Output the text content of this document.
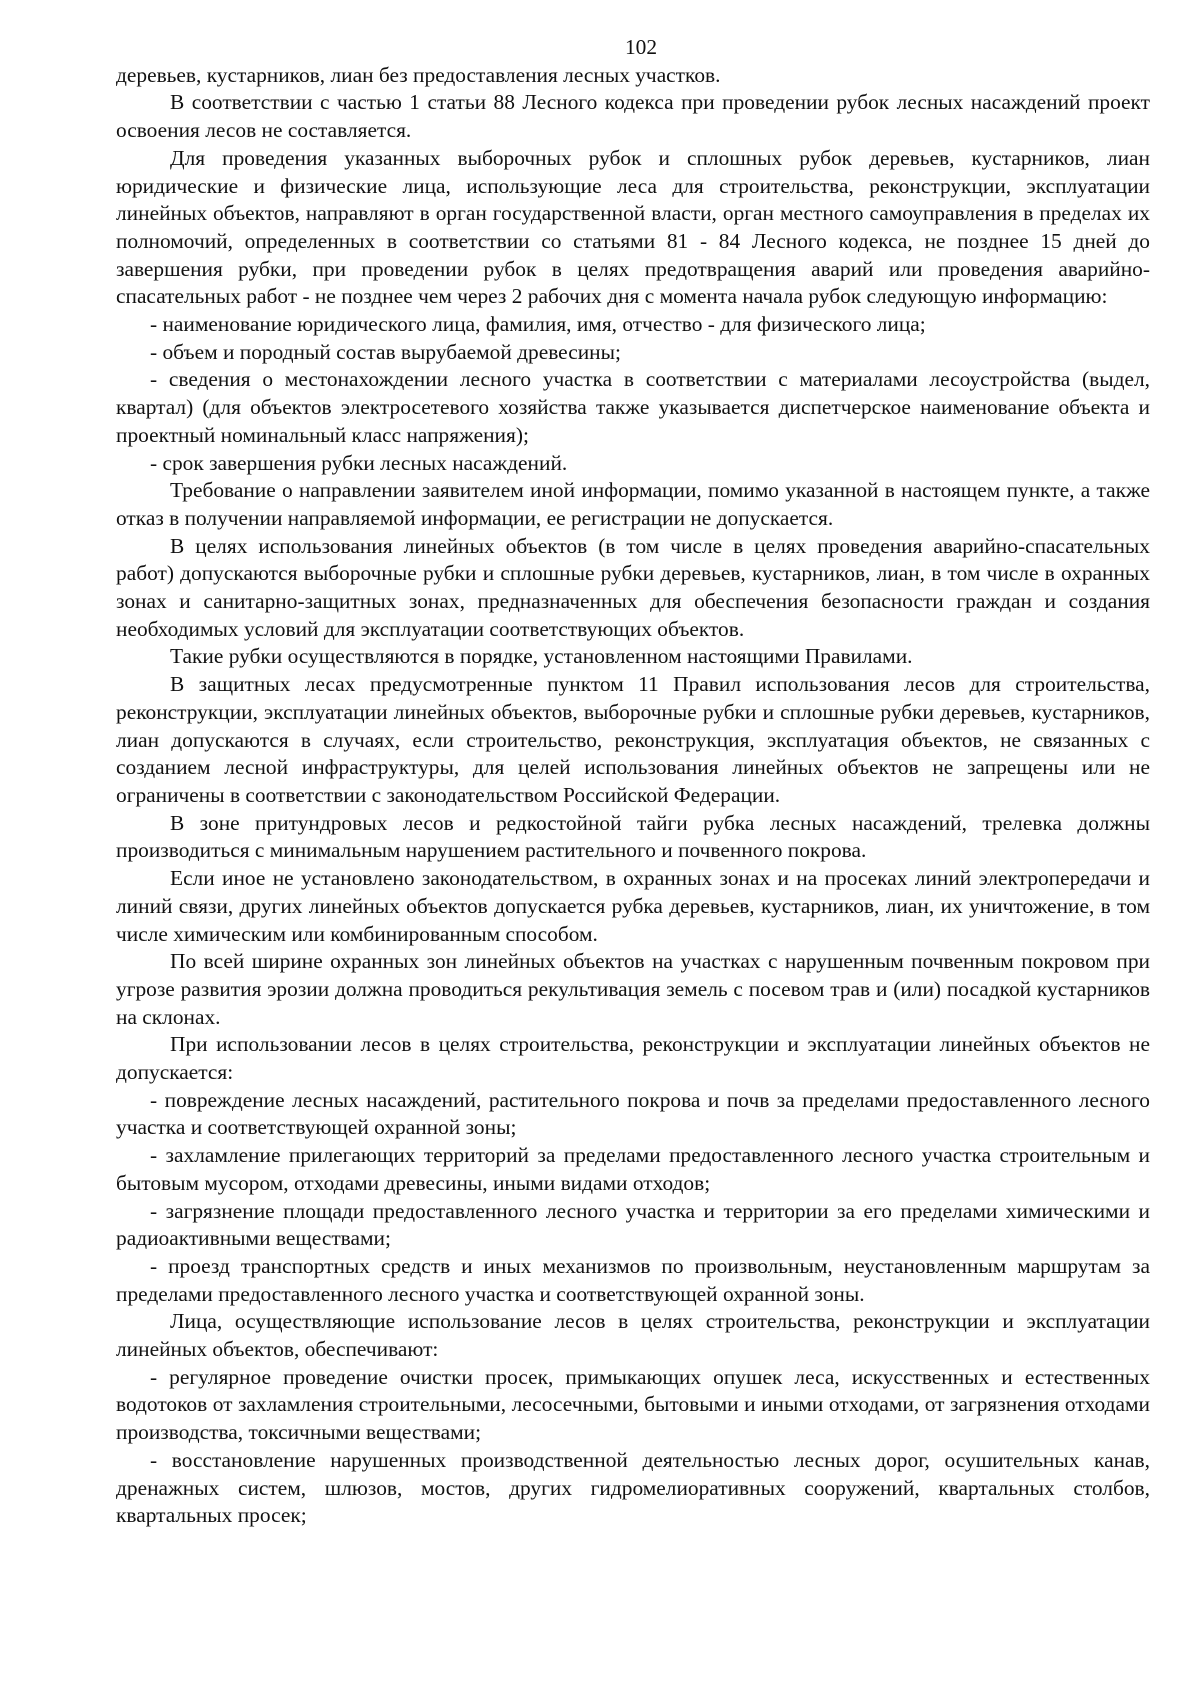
102

деревьев, кустарников, лиан без предоставления лесных участков.

В соответствии с частью 1 статьи 88 Лесного кодекса при проведении рубок лесных насаждений проект освоения лесов не составляется.

Для проведения указанных выборочных рубок и сплошных рубок деревьев, кустарников, лиан юридические и физические лица, использующие леса для строительства, реконструкции, эксплуатации линейных объектов, направляют в орган государственной власти, орган местного самоуправления в пределах их полномочий, определенных в соответствии со статьями 81 - 84 Лесного кодекса, не позднее 15 дней до завершения рубки, при проведении рубок в целях предотвращения аварий или проведения аварийно-спасательных работ - не позднее чем через 2 рабочих дня с момента начала рубок следующую информацию:

- наименование юридического лица, фамилия, имя, отчество - для физического лица;

- объем и породный состав вырубаемой древесины;

- сведения о местонахождении лесного участка в соответствии с материалами лесоустройства (выдел, квартал) (для объектов электросетевого хозяйства также указывается диспетчерское наименование объекта и проектный номинальный класс напряжения);

- срок завершения рубки лесных насаждений.

Требование о направлении заявителем иной информации, помимо указанной в настоящем пункте, а также отказ в получении направляемой информации, ее регистрации не допускается.

В целях использования линейных объектов (в том числе в целях проведения аварийно-спасательных работ) допускаются выборочные рубки и сплошные рубки деревьев, кустарников, лиан, в том числе в охранных зонах и санитарно-защитных зонах, предназначенных для обеспечения безопасности граждан и создания необходимых условий для эксплуатации соответствующих объектов.

Такие рубки осуществляются в порядке, установленном настоящими Правилами.

В защитных лесах предусмотренные пунктом 11 Правил использования лесов для строительства, реконструкции, эксплуатации линейных объектов, выборочные рубки и сплошные рубки деревьев, кустарников, лиан допускаются в случаях, если строительство, реконструкция, эксплуатация объектов, не связанных с созданием лесной инфраструктуры, для целей использования линейных объектов не запрещены или не ограничены в соответствии с законодательством Российской Федерации.

В зоне притундровых лесов и редкостойной тайги рубка лесных насаждений, трелевка должны производиться с минимальным нарушением растительного и почвенного покрова.

Если иное не установлено законодательством, в охранных зонах и на просеках линий электропередачи и линий связи, других линейных объектов допускается рубка деревьев, кустарников, лиан, их уничтожение, в том числе химическим или комбинированным способом.

По всей ширине охранных зон линейных объектов на участках с нарушенным почвенным покровом при угрозе развития эрозии должна проводиться рекультивация земель с посевом трав и (или) посадкой кустарников на склонах.

При использовании лесов в целях строительства, реконструкции и эксплуатации линейных объектов не допускается:

- повреждение лесных насаждений, растительного покрова и почв за пределами предоставленного лесного участка и соответствующей охранной зоны;

- захламление прилегающих территорий за пределами предоставленного лесного участка строительным и бытовым мусором, отходами древесины, иными видами отходов;

- загрязнение площади предоставленного лесного участка и территории за его пределами химическими и радиоактивными веществами;

- проезд транспортных средств и иных механизмов по произвольным, неустановленным маршрутам за пределами предоставленного лесного участка и соответствующей охранной зоны.

Лица, осуществляющие использование лесов в целях строительства, реконструкции и эксплуатации линейных объектов, обеспечивают:

- регулярное проведение очистки просек, примыкающих опушек леса, искусственных и естественных водотоков от захламления строительными, лесосечными, бытовыми и иными отходами, от загрязнения отходами производства, токсичными веществами;

- восстановление нарушенных производственной деятельностью лесных дорог, осушительных канав, дренажных систем, шлюзов, мостов, других гидромелиоративных сооружений, квартальных столбов, квартальных просек;
